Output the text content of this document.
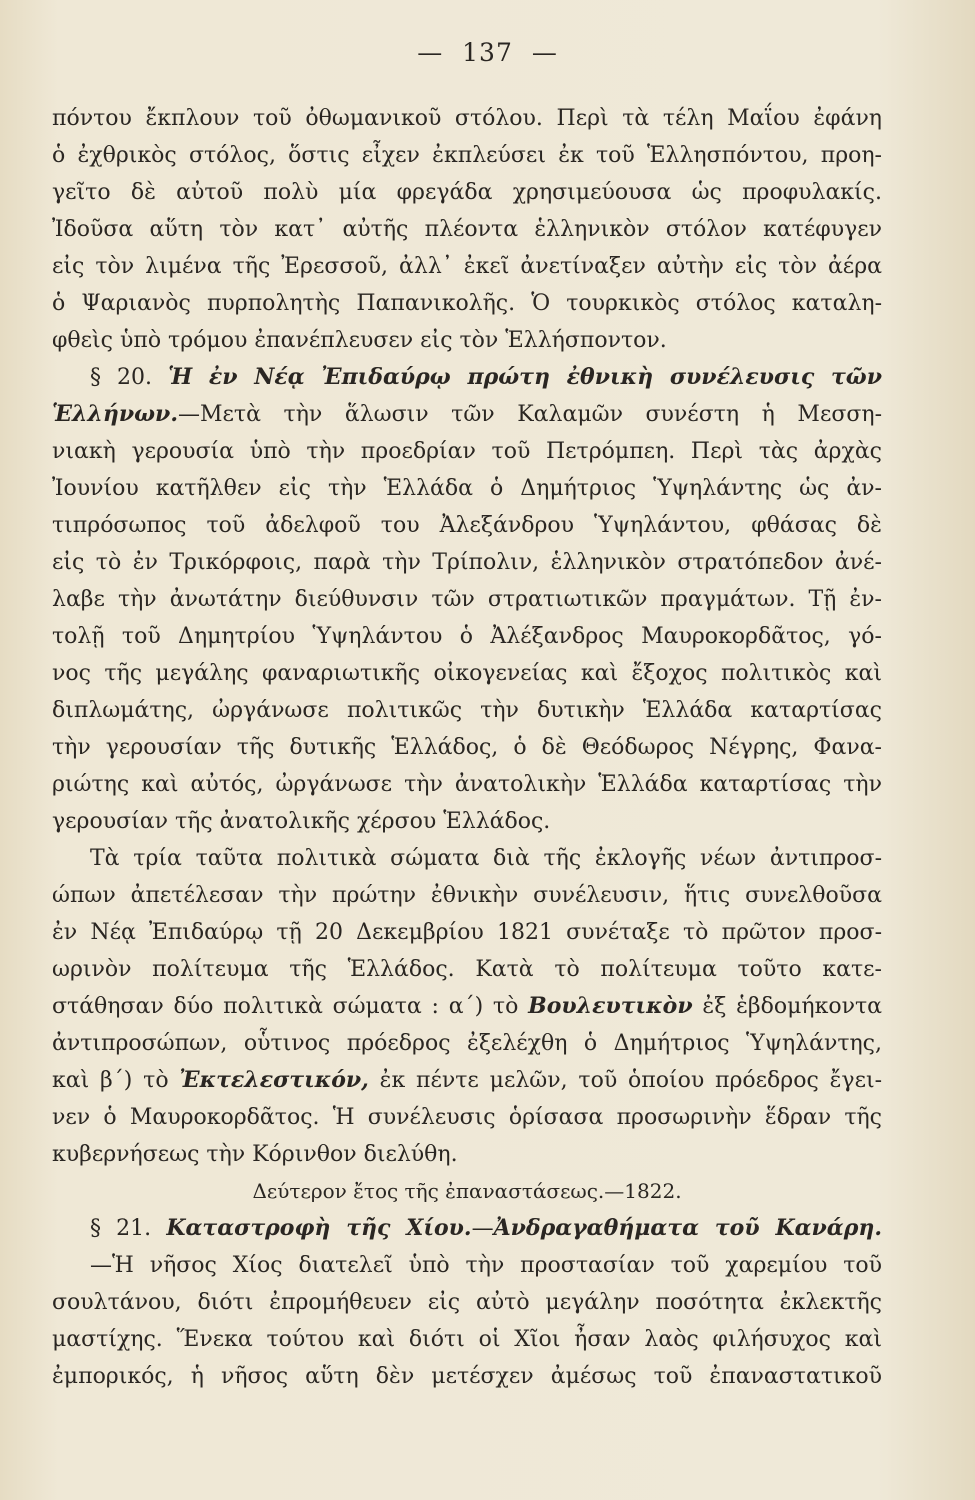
— 137 —
πόντου ἔκπλουν τοῦ ὀθωμανικοῦ στόλου. Περὶ τὰ τέλη Μαΐου ἐφάνη
ὁ ἐχθρικὸς στόλος, ὅστις εἶχεν ἐκπλεύσει ἐκ τοῦ Ἑλλησπόντου, προη-
γεῖτο δὲ αὐτοῦ πολὺ μία φρεγάδα χρησιμεύουσα ὡς προφυλακίς.
Ἰδοῦσα αὕτη τὸν κατ᾽ αὐτῆς πλέοντα ἑλληνικὸν στόλον κατέφυγεν
εἰς τὸν λιμένα τῆς Ἐρεσσοῦ, ἀλλ᾽ ἐκεῖ ἀνετίναξεν αὐτὴν εἰς τὸν ἀέρα
ὁ Ψαριανὸς πυρπολητὴς Παπανικολῆς. Ὁ τουρκικὸς στόλος καταλη-
φθεὶς ὑπὸ τρόμου ἐπανέπλευσεν εἰς τὸν Ἑλλήσποντον.
§ 20. Ἡ ἐν Νέᾳ Ἐπιδαύρῳ πρώτη ἐθνικὴ συνέλευσις τῶν
Ἑλλήνων.—Μετὰ τὴν ἅλωσιν τῶν Καλαμῶν συνέστη ἡ Μεσση-
νιακὴ γερουσία ὑπὸ τὴν προεδρίαν τοῦ Πετρόμπεη. Περὶ τὰς ἀρχὰς
Ἰουνίου κατῆλθεν εἰς τὴν Ἑλλάδα ὁ Δημήτριος Ὑψηλάντης ὡς ἀν-
τιπρόσωπος τοῦ ἀδελφοῦ του Ἀλεξάνδρου Ὑψηλάντου, φθάσας δὲ
εἰς τὸ ἐν Τρικόρφοις, παρὰ τὴν Τρίπολιν, ἑλληνικὸν στρατόπεδον ἀνέ-
λαβε τὴν ἀνωτάτην διεύθυνσιν τῶν στρατιωτικῶν πραγμάτων. Τῇ ἐν-
τολῇ τοῦ Δημητρίου Ὑψηλάντου ὁ Ἀλέξανδρος Μαυροκορδᾶτος, γό-
νος τῆς μεγάλης φαναριωτικῆς οἰκογενείας καὶ ἔξοχος πολιτικὸς καὶ
διπλωμάτης, ὠργάνωσε πολιτικῶς τὴν δυτικὴν Ἑλλάδα καταρτίσας
τὴν γερουσίαν τῆς δυτικῆς Ἑλλάδος, ὁ δὲ Θεόδωρος Νέγρης, Φανα-
ριώτης καὶ αὐτός, ὠργάνωσε τὴν ἀνατολικὴν Ἑλλάδα καταρτίσας τὴν
γερουσίαν τῆς ἀνατολικῆς χέρσου Ἑλλάδος.
Τὰ τρία ταῦτα πολιτικὰ σώματα διὰ τῆς ἐκλογῆς νέων ἀντιπροσ-
ώπων ἀπετέλεσαν τὴν πρώτην ἐθνικὴν συνέλευσιν, ἥτις συνελθοῦσα
ἐν Νέᾳ Ἐπιδαύρῳ τῇ 20 Δεκεμβρίου 1821 συνέταξε τὸ πρῶτον προσ-
ωρινὸν πολίτευμα τῆς Ἑλλάδος. Κατὰ τὸ πολίτευμα τοῦτο κατε-
στάθησαν δύο πολιτικὰ σώματα : α΄) τὸ Βουλευτικὸν ἐξ ἑβδομήκοντα
ἀντιπροσώπων, οὗτινος πρόεδρος ἐξελέχθη ὁ Δημήτριος Ὑψηλάντης,
καὶ β΄) τὸ Ἐκτελεστικόν, ἐκ πέντε μελῶν, τοῦ ὁποίου πρόεδρος ἔγει-
νεν ὁ Μαυροκορδᾶτος. Ἡ συνέλευσις ὁρίσασα προσωρινὴν ἕδραν τῆς
κυβερνήσεως τὴν Κόρινθον διελύθη.
Δεύτερον ἔτος τῆς ἐπαναστάσεως.—1822.
§ 21. Καταστροφὴ τῆς Χίου.—Ἀνδραγαθήματα τοῦ Κανάρη.
—Ἡ νῆσος Χίος διατελεῖ ὑπὸ τὴν προστασίαν τοῦ χαρεμίου τοῦ
σουλτάνου, διότι ἐπρομήθευεν εἰς αὐτὸ μεγάλην ποσότητα ἐκλεκτῆς
μαστίχης. Ἕνεκα τούτου καὶ διότι οἱ Χῖοι ἦσαν λαὸς φιλήσυχος καὶ
ἐμπορικός, ἡ νῆσος αὕτη δὲν μετέσχεν ἀμέσως τοῦ ἐπαναστατικοῦ
